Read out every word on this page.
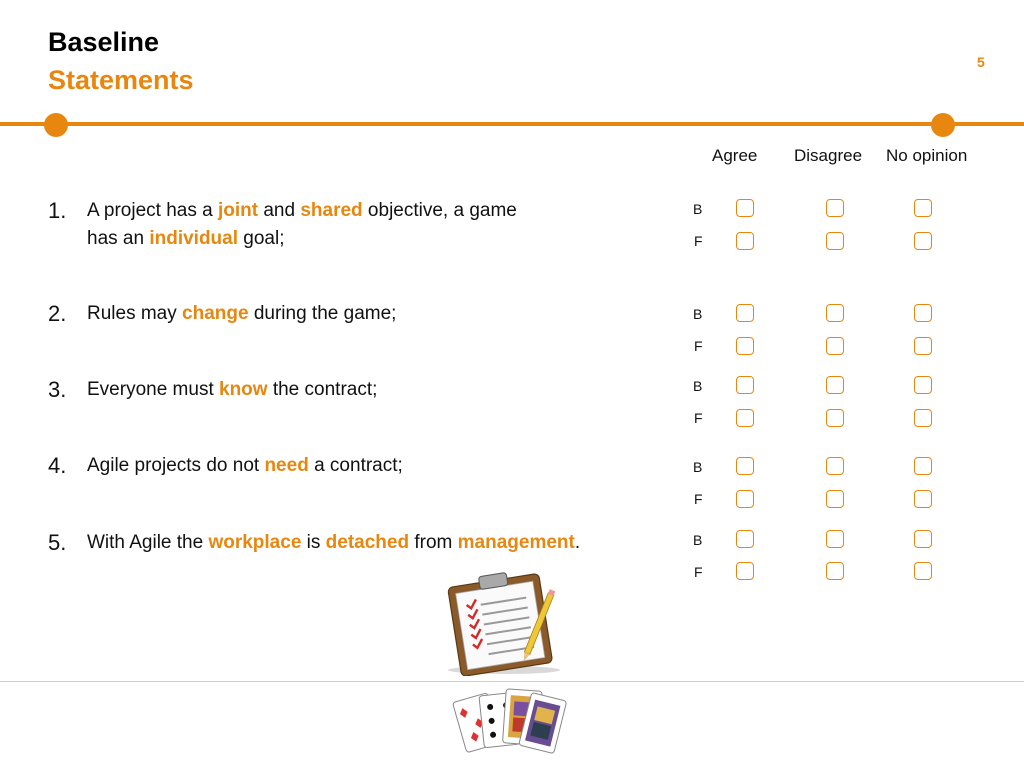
Baseline
Statements
5
Agree Disagree No opinion
1. A project has a joint and shared objective, a game
has an individual goal;
2. Rules may change during the game;
3. Everyone must know the contract;
4. Agile projects do not need a contract;
5. With Agile the workplace is detached from management.
B
F
B
F
B
F
B
F
B
F
